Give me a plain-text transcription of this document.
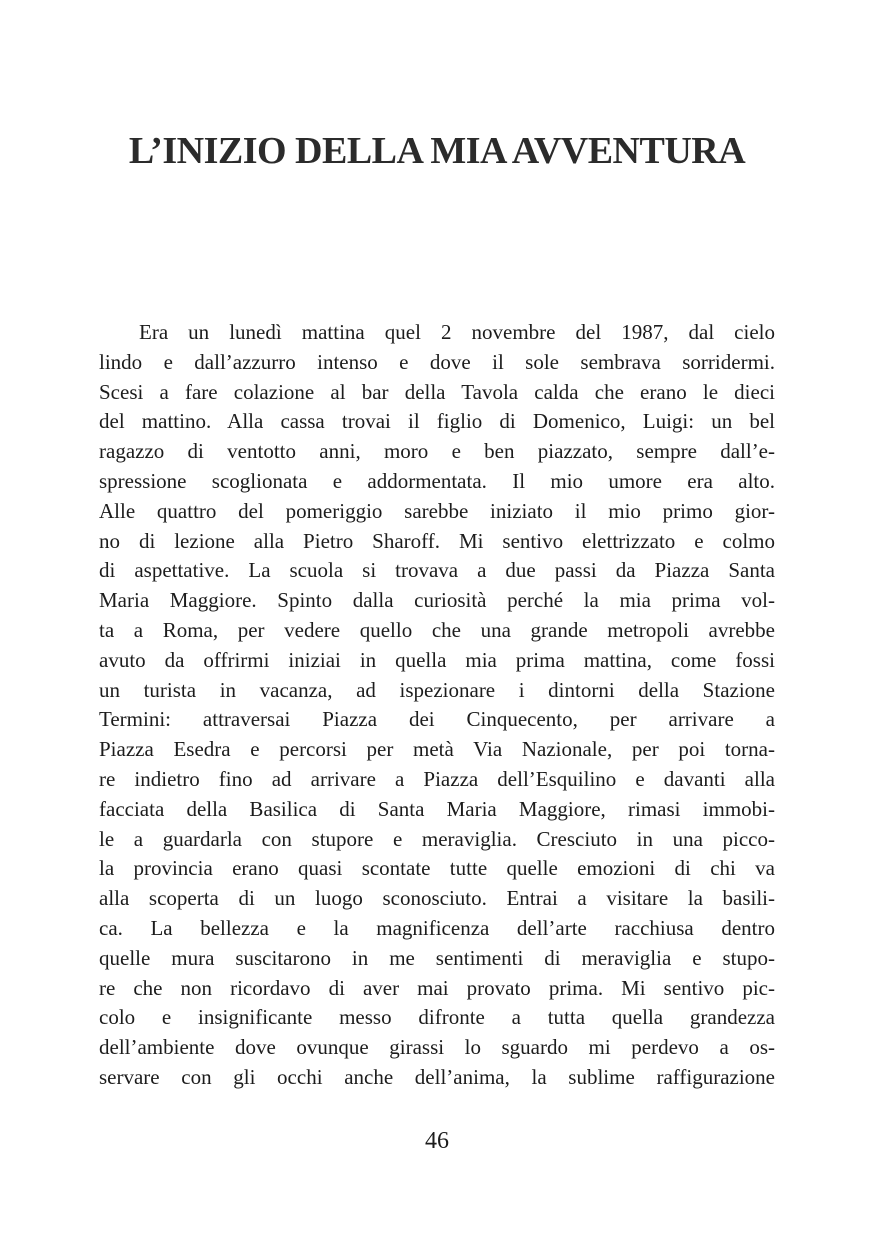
L’INIZIO DELLA MIA AVVENTURA
Era un lunedì mattina quel 2 novembre del 1987, dal cielo
lindo e dall’azzurro intenso e dove il sole sembrava sorridermi.
Scesi a fare colazione al bar della Tavola calda che erano le dieci
del mattino. Alla cassa trovai il figlio di Domenico, Luigi: un bel
ragazzo di ventotto anni, moro e ben piazzato, sempre dall’e-
spressione scoglionata e addormentata. Il mio umore era alto.
Alle quattro del pomeriggio sarebbe iniziato il mio primo gior-
no di lezione alla Pietro Sharoff. Mi sentivo elettrizzato e colmo
di aspettative. La scuola si trovava a due passi da Piazza Santa
Maria Maggiore. Spinto dalla curiosità perché la mia prima vol-
ta a Roma, per vedere quello che una grande metropoli avrebbe
avuto da offrirmi iniziai in quella mia prima mattina, come fossi
un turista in vacanza, ad ispezionare i dintorni della Stazione
Termini: attraversai Piazza dei Cinquecento, per arrivare a
Piazza Esedra e percorsi per metà Via Nazionale, per poi torna-
re indietro fino ad arrivare a Piazza dell’Esquilino e davanti alla
facciata della Basilica di Santa Maria Maggiore, rimasi immobi-
le a guardarla con stupore e meraviglia. Cresciuto in una picco-
la provincia erano quasi scontate tutte quelle emozioni di chi va
alla scoperta di un luogo sconosciuto. Entrai a visitare la basili-
ca. La bellezza e la magnificenza dell’arte racchiusa dentro
quelle mura suscitarono in me sentimenti di meraviglia e stupo-
re che non ricordavo di aver mai provato prima. Mi sentivo pic-
colo e insignificante messo difronte a tutta quella grandezza
dell’ambiente dove ovunque girassi lo sguardo mi perdevo a os-
servare con gli occhi anche dell’anima, la sublime raffigurazione
46
